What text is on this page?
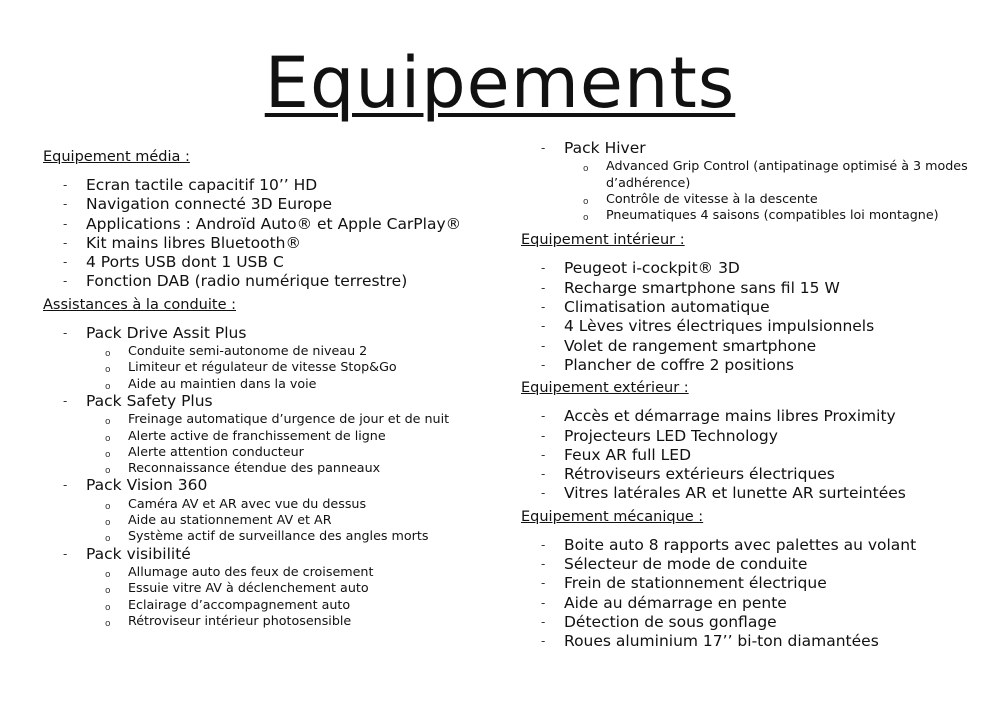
Equipements
Equipement média :
- Ecran tactile capacitif 10’’ HD
- Navigation connecté 3D Europe
- Applications : Androïd Auto® et Apple CarPlay®
- Kit mains libres Bluetooth®
- 4 Ports USB dont 1 USB C
- Fonction DAB (radio numérique terrestre)
Assistances à la conduite :
- Pack Drive Assit Plus
o Conduite semi-autonome de niveau 2
o Limiteur et régulateur de vitesse Stop&Go
o Aide au maintien dans la voie
- Pack Safety Plus
o Freinage automatique d’urgence de jour et de nuit
o Alerte active de franchissement de ligne
o Alerte attention conducteur
o Reconnaissance étendue des panneaux
- Pack Vision 360
o Caméra AV et AR avec vue du dessus
o Aide au stationnement AV et AR
o Système actif de surveillance des angles morts
- Pack visibilité
o Allumage auto des feux de croisement
o Essuie vitre AV à déclenchement auto
o Eclairage d’accompagnement auto
o Rétroviseur intérieur photosensible
- Pack Hiver
o Advanced Grip Control (antipatinage optimisé à 3 modes d’adhérence)
o Contrôle de vitesse à la descente
o Pneumatiques 4 saisons (compatibles loi montagne)
Equipement intérieur :
- Peugeot i-cockpit® 3D
- Recharge smartphone sans fil 15 W
- Climatisation automatique
- 4 Lèves vitres électriques impulsionnels
- Volet de rangement smartphone
- Plancher de coffre 2 positions
Equipement extérieur :
- Accès et démarrage mains libres Proximity
- Projecteurs LED Technology
- Feux AR full LED
- Rétroviseurs extérieurs électriques
- Vitres latérales AR et lunette AR surteintées
Equipement mécanique :
- Boite auto 8 rapports avec palettes au volant
- Sélecteur de mode de conduite
- Frein de stationnement électrique
- Aide au démarrage en pente
- Détection de sous gonflage
- Roues aluminium 17’’ bi-ton diamantées
